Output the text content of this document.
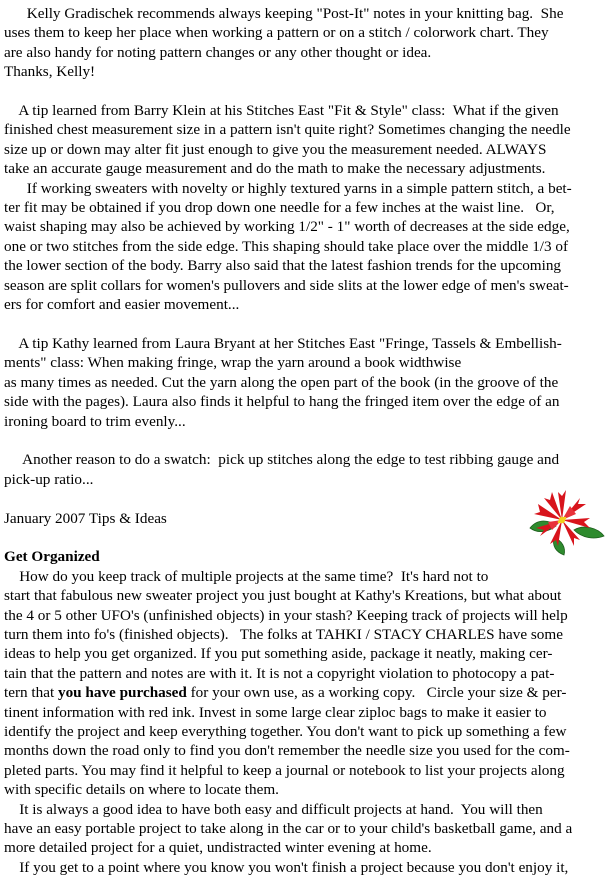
Kelly Gradischek recommends always keeping "Post-It" notes in your knitting bag.  She
uses them to keep her place when working a pattern or on a stitch / colorwork chart. They
are also handy for noting pattern changes or any other thought or idea.
Thanks, Kelly!

A tip learned from Barry Klein at his Stitches East "Fit & Style" class:  What if the given
finished chest measurement size in a pattern isn't quite right? Sometimes changing the needle
size up or down may alter fit just enough to give you the measurement needed. ALWAYS
take an accurate gauge measurement and do the math to make the necessary adjustments.
If working sweaters with novelty or highly textured yarns in a simple pattern stitch, a bet-
ter fit may be obtained if you drop down one needle for a few inches at the waist line.   Or,
waist shaping may also be achieved by working 1/2" - 1" worth of decreases at the side edge,
one or two stitches from the side edge. This shaping should take place over the middle 1/3 of
the lower section of the body. Barry also said that the latest fashion trends for the upcoming
season are split collars for women's pullovers and side slits at the lower edge of men's sweat-
ers for comfort and easier movement...

A tip Kathy learned from Laura Bryant at her Stitches East "Fringe, Tassels & Embellish-
ments" class: When making fringe, wrap the yarn around a book widthwise
as many times as needed. Cut the yarn along the open part of the book (in the groove of the
side with the pages). Laura also finds it helpful to hang the fringed item over the edge of an
ironing board to trim evenly...

Another reason to do a swatch:  pick up stitches along the edge to test ribbing gauge and
pick-up ratio...

January 2007 Tips & Ideas

Get Organized
How do you keep track of multiple projects at the same time?  It's hard not to
start that fabulous new sweater project you just bought at Kathy's Kreations, but what about
the 4 or 5 other UFO's (unfinished objects) in your stash? Keeping track of projects will help
turn them into fo's (finished objects).   The folks at TAHKI / STACY CHARLES have some
ideas to help you get organized. If you put something aside, package it neatly, making cer-
tain that the pattern and notes are with it. It is not a copyright violation to photocopy a pat-
tern that you have purchased for your own use, as a working copy.   Circle your size & per-
tinent information with red ink. Invest in some large clear ziploc bags to make it easier to
identify the project and keep everything together. You don't want to pick up something a few
months down the road only to find you don't remember the needle size you used for the com-
pleted parts. You may find it helpful to keep a journal or notebook to list your projects along
with specific details on where to locate them.
It is always a good idea to have both easy and difficult projects at hand.  You will then
have an easy portable project to take along in the car or to your child's basketball game, and a
more detailed project for a quiet, undistracted winter evening at home.
If you get to a point where you know you won't finish a project because you don't enjoy it,
